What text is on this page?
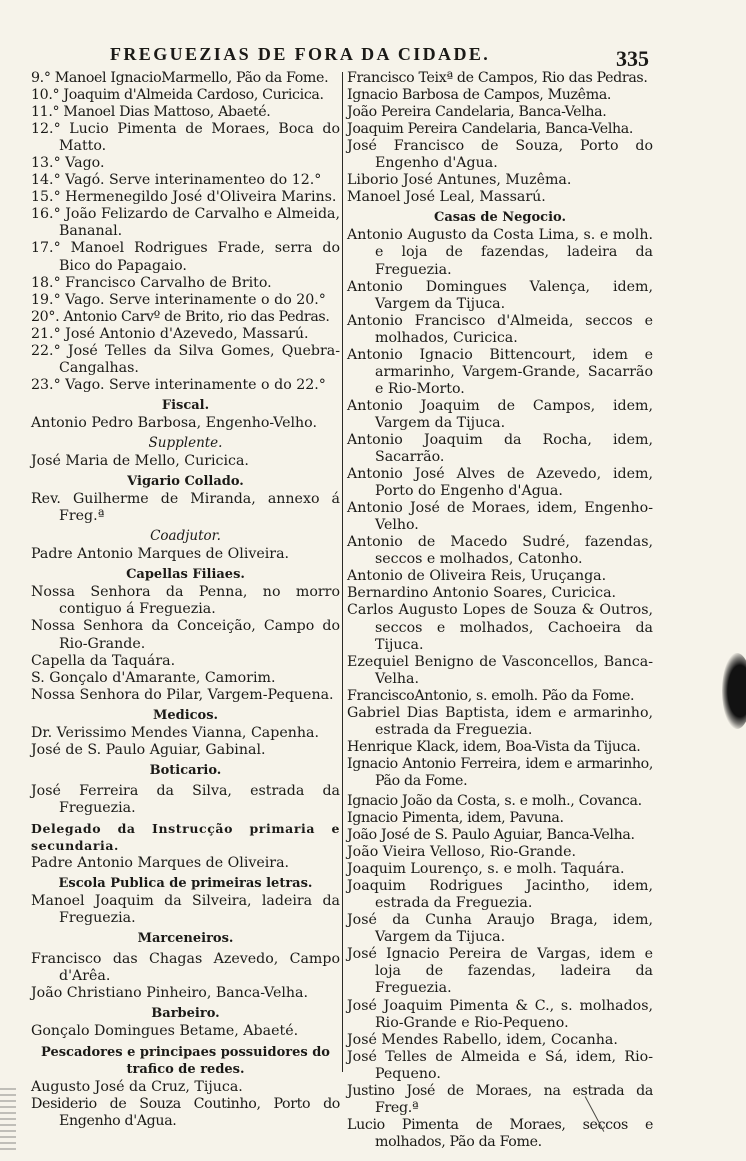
FREGUEZIAS DE FORA DA CIDADE.	335
9.° Manoel IgnacioMarmello, Pão da Fome.
10.° Joaquim d'Almeida Cardoso, Curicica.
11.° Manoel Dias Mattoso, Abaeté.
12.° Lucio Pimenta de Moraes, Boca do Matto.
13.° Vago.
14.° Vagó. Serve interinamenteo do 12.°
15.° Hermenegildo José d'Oliveira Marins.
16.° João Felizardo de Carvalho e Almeida, Bananal.
17.° Manoel Rodrigues Frade, serra do Bico do Papagaio.
18.° Francisco Carvalho de Brito.
19.° Vago. Serve interinamente o do 20.°
20°. Antonio Carvº de Brito, rio das Pedras.
21.° José Antonio d'Azevedo, Massarú.
22.° José Telles da Silva Gomes, Quebra-Cangalhas.
23.° Vago. Serve interinamente o do 22.°
Fiscal.
Antonio Pedro Barbosa, Engenho-Velho.
Supplente.
José Maria de Mello, Curicica.
Vigario Collado.
Rev. Guilherme de Miranda, annexo á Freg.ª
Coadjutor.
Padre Antonio Marques de Oliveira.
Capellas Filiaes.
Nossa Senhora da Penna, no morro contiguo á Freguezia.
Nossa Senhora da Conceição, Campo do Rio-Grande.
Capella da Taquára.
S. Gonçalo d'Amarante, Camorim.
Nossa Senhora do Pilar, Vargem-Pequena.
Medicos.
Dr. Verissimo Mendes Vianna, Capenha.
José de S. Paulo Aguiar, Gabinal.
Boticario.
José Ferreira da Silva, estrada da Freguezia.
Delegado da Instrucção primaria e secundaria.
Padre Antonio Marques de Oliveira.
Escola Publica de primeiras letras.
Manoel Joaquim da Silveira, ladeira da Freguezia.
Marceneiros.
Francisco das Chagas Azevedo, Campo d'Arêa.
João Christiano Pinheiro, Banca-Velha.
Barbeiro.
Gonçalo Domingues Betame, Abaeté.
Pescadores e principaes possuidores do trafico de redes.
Augusto José da Cruz, Tijuca.
Desiderio de Souza Coutinho, Porto do Engenho d'Agua.
Francisco Teixª de Campos, Rio das Pedras.
Ignacio Barbosa de Campos, Muzêma.
João Pereira Candelaria, Banca-Velha.
Joaquim Pereira Candelaria, Banca-Velha.
José Francisco de Souza, Porto do Engenho d'Agua.
Liborio José Antunes, Muzêma.
Manoel José Leal, Massarú.
Casas de Negocio.
Antonio Augusto da Costa Lima, s. e molh. e loja de fazendas, ladeira da Freguezia.
Antonio Domingues Valença, idem, Vargem da Tijuca.
Antonio Francisco d'Almeida, seccos e molhados, Curicica.
Antonio Ignacio Bittencourt, idem e armarinho, Vargem-Grande, Sacarrão e Rio-Morto.
Antonio Joaquim de Campos, idem, Vargem da Tijuca.
Antonio Joaquim da Rocha, idem, Sacarrão.
Antonio José Alves de Azevedo, idem, Porto do Engenho d'Agua.
Antonio José de Moraes, idem, Engenho-Velho.
Antonio de Macedo Sudré, fazendas, seccos e molhados, Catonho.
Antonio de Oliveira Reis, Uruçanga.
Bernardino Antonio Soares, Curicica.
Carlos Augusto Lopes de Souza & Outros, seccos e molhados, Cachoeira da Tijuca.
Ezequiel Benigno de Vasconcellos, Banca-Velha.
FranciscoAntonio, s. emolh. Pão da Fome.
Gabriel Dias Baptista, idem e armarinho, estrada da Freguezia.
Henrique Klack, idem, Boa-Vista da Tijuca.
Ignacio Antonio Ferreira, idem e armarinho, Pão da Fome.
Ignacio João da Costa, s. e molh., Covanca.
Ignacio Pimenta, idem, Pavuna.
João José de S. Paulo Aguiar, Banca-Velha.
João Vieira Velloso, Rio-Grande.
Joaquim Lourenço, s. e molh. Taquára.
Joaquim Rodrigues Jacintho, idem, estrada da Freguezia.
José da Cunha Araujo Braga, idem, Vargem da Tijuca.
José Ignacio Pereira de Vargas, idem e loja de fazendas, ladeira da Freguezia.
José Joaquim Pimenta & C., s. molhados, Rio-Grande e Rio-Pequeno.
José Mendes Rabello, idem, Cocanha.
José Telles de Almeida e Sá, idem, Rio-Pequeno.
Justino José de Moraes, na estrada da Freg.ª
Lucio Pimenta de Moraes, seccos e molhados, Pão da Fome.
